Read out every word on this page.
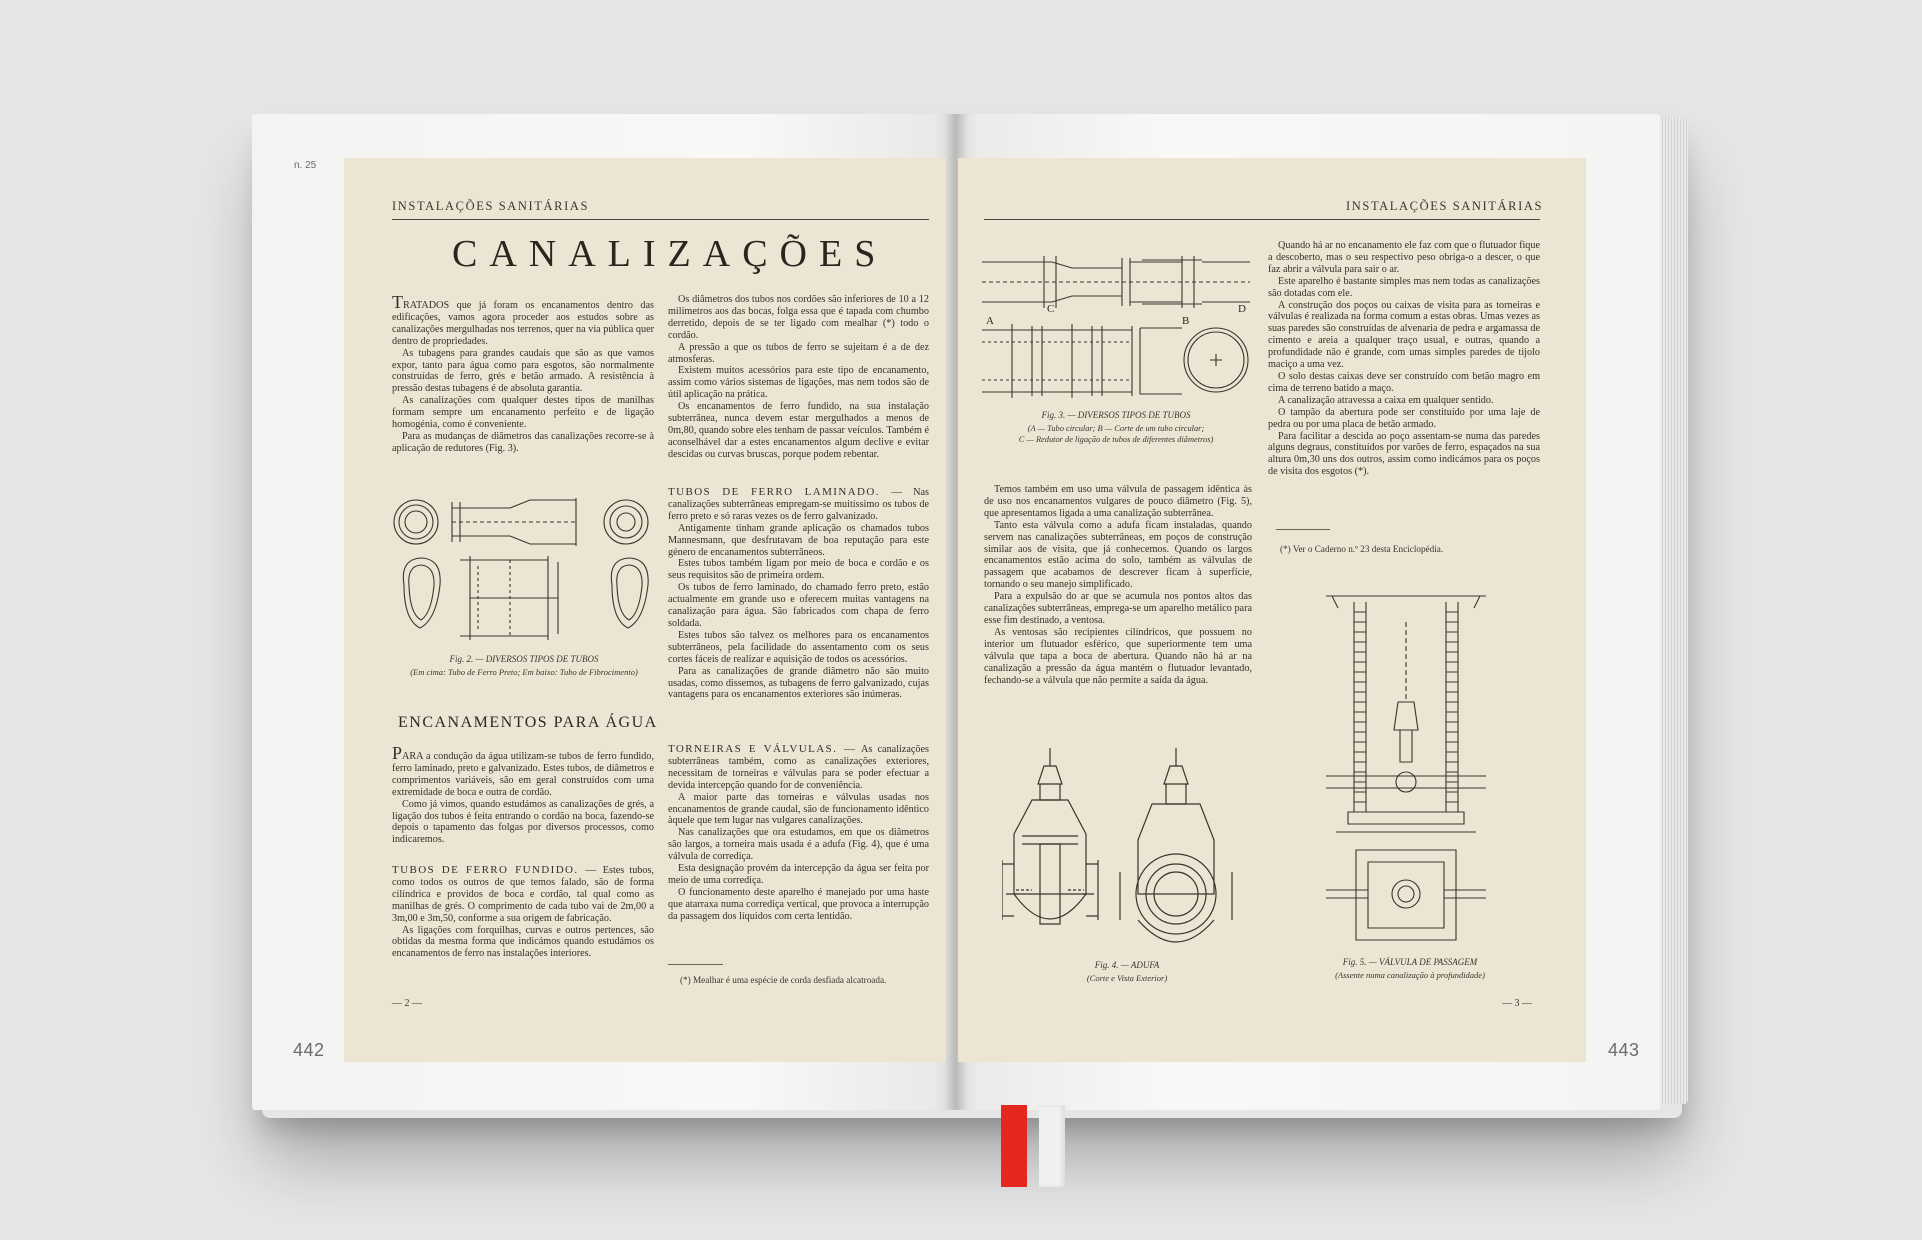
n. 25
INSTALAÇÕES SANITÁRIAS
CANALIZAÇÕES

TRATADOS que já foram os encanamentos dentro das edificações, vamos agora proceder aos estudos sobre as canalizações mergulhadas nos terrenos, quer na via pública quer dentro de propriedades.

As tubagens para grandes caudais que são as que vamos expor, tanto para água como para esgotos, são normalmente construídas de ferro, grés e betão armado. A resistência à pressão destas tubagens é de absoluta garantia.

As canalizações com qualquer destes tipos de manilhas formam sempre um encanamento perfeito e de ligação homogénia, como é conveniente.

Para as mudanças de diâmetros das canalizações recorre-se à aplicação de redutores (Fig. 3).

Fig. 2. — DIVERSOS TIPOS DE TUBOS
(Em cima: Tubo de Ferro Preto; Em baixo: Tubo de Fibrocimento)
ENCANAMENTOS PARA ÁGUA

PARA a condução da água utilizam-se tubos de ferro fundido, ferro laminado, preto e galvanizado. Estes tubos, de diâmetros e comprimentos variáveis, são em geral construídos com uma extremidade de boca e outra de cordão.

Como já vimos, quando estudámos as canalizações de grés, a ligação dos tubos é feita entrando o cordão na boca, fazendo-se depois o tapamento das folgas por diversos processos, como indicaremos.

TUBOS DE FERRO FUNDIDO. — Estes tubos, como todos os outros de que temos falado, são de forma cilíndrica e providos de boca e cordão, tal qual como as manilhas de grés. O comprimento de cada tubo vai de 2m,00 a 3m,00 e 3m,50, conforme a sua origem de fabricação.

As ligações com forquilhas, curvas e outros pertences, são obtidas da mesma forma que indicámos quando estudámos os encanamentos de ferro nas instalações interiores.

Os diâmetros dos tubos nos cordões são inferiores de 10 a 12 milímetros aos das bocas, folga essa que é tapada com chumbo derretido, depois de se ter ligado com mealhar (*) todo o cordão.

A pressão a que os tubos de ferro se sujeitam é a de dez atmosferas.

Existem muitos acessórios para este tipo de encanamento, assim como vários sistemas de ligações, mas nem todos são de útil aplicação na prática.

Os encanamentos de ferro fundido, na sua instalação subterrânea, nunca devem estar mergulhados a menos de 0m,80, quando sobre eles tenham de passar veículos. Também é aconselhável dar a estes encanamentos algum declive e evitar descidas ou curvas bruscas, porque podem rebentar.

TUBOS DE FERRO LAMINADO. — Nas canalizações subterrâneas empregam-se muitíssimo os tubos de ferro preto e só raras vezes os de ferro galvanizado.

Antigamente tinham grande aplicação os chamados tubos Mannesmann, que desfrutavam de boa reputação para este género de encanamentos subterrâneos.

Estes tubos também ligam por meio de boca e cordão e os seus requisitos são de primeira ordem.

Os tubos de ferro laminado, do chamado ferro preto, estão actualmente em grande uso e oferecem muitas vantagens na canalização para água. São fabricados com chapa de ferro soldada.

Estes tubos são talvez os melhores para os encanamentos subterrâneos, pela facilidade do assentamento com os seus cortes fáceis de realizar e aquisição de todos os acessórios.

Para as canalizações de grande diâmetro não são muito usadas, como dissemos, as tubagens de ferro galvanizado, cujas vantagens para os encanamentos exteriores são inúmeras.

TORNEIRAS E VÁLVULAS. — As canalizações subterrâneas também, como as canalizações exteriores, necessitam de torneiras e válvulas para se poder efectuar a devida intercepção quando for de conveniência.

A maior parte das torneiras e válvulas usadas nos encanamentos de grande caudal, são de funcionamento idêntico àquele que tem lugar nas vulgares canalizações.

Nas canalizações que ora estudamos, em que os diâmetros são largos, a torneira mais usada é a adufa (Fig. 4), que é uma válvula de corrediça.

Esta designação provém da intercepção da água ser feita por meio de uma corrediça.

O funcionamento deste aparelho é manejado por uma haste que atarraxa numa corrediça vertical, que provoca a interrupção da passagem dos líquidos com certa lentidão.

(*) Mealhar é uma espécie de corda desfiada alcatroada.
— 2 —
442
INSTALAÇÕES SANITÁRIAS
A	B
C	D
Fig. 3. — DIVERSOS TIPOS DE TUBOS
(A — Tubo circular; B — Corte de um tubo circular;
C — Redutor de ligação de tubos de diferentes diâmetros)

Temos também em uso uma válvula de passagem idêntica às de uso nos encanamentos vulgares de pouco diâmetro (Fig. 5), que apresentamos ligada a uma canalização subterrânea.

Tanto esta válvula como a adufa ficam instaladas, quando servem nas canalizações subterrâneas, em poços de construção similar aos de visita, que já conhecemos. Quando os largos encanamentos estão acima do solo, também as válvulas de passagem que acabamos de descrever ficam à superfície, tornando o seu manejo simplificado.

Para a expulsão do ar que se acumula nos pontos altos das canalizações subterrâneas, emprega-se um aparelho metálico para esse fim destinado, a ventosa.

As ventosas são recipientes cilíndricos, que possuem no interior um flutuador esférico, que superiormente tem uma válvula que tapa a boca de abertura. Quando não há ar na canalização a pressão da água mantém o flutuador levantado, fechando-se a válvula que não permite a saída da água.

Fig. 4. — ADUFA
(Corte e Vista Exterior)

Quando há ar no encanamento ele faz com que o flutuador fique a descoberto, mas o seu respectivo peso obriga-o a descer, o que faz abrir a válvula para sair o ar.

Este aparelho é bastante simples mas nem todas as canalizações são dotadas com ele.

A construção dos poços ou caixas de visita para as torneiras e válvulas é realizada na forma comum a estas obras. Umas vezes as suas paredes são construídas de alvenaria de pedra e argamassa de cimento e areia a qualquer traço usual, e outras, quando a profundidade não é grande, com umas simples paredes de tijolo maciço a uma vez.

O solo destas caixas deve ser construído com betão magro em cima de terreno batido a maço.

A canalização atravessa a caixa em qualquer sentido.

O tampão da abertura pode ser constituído por uma laje de pedra ou por uma placa de betão armado.

Para facilitar a descida ao poço assentam-se numa das paredes alguns degraus, constituídos por varões de ferro, espaçados na sua altura 0m,30 uns dos outros, assim como indicámos para os poços de visita dos esgotos (*).

(*) Ver o Caderno n.º 23 desta Enciclopédia.
Fig. 5. — VÁLVULA DE PASSAGEM
(Assente numa canalização à profundidade)
— 3 —
443
